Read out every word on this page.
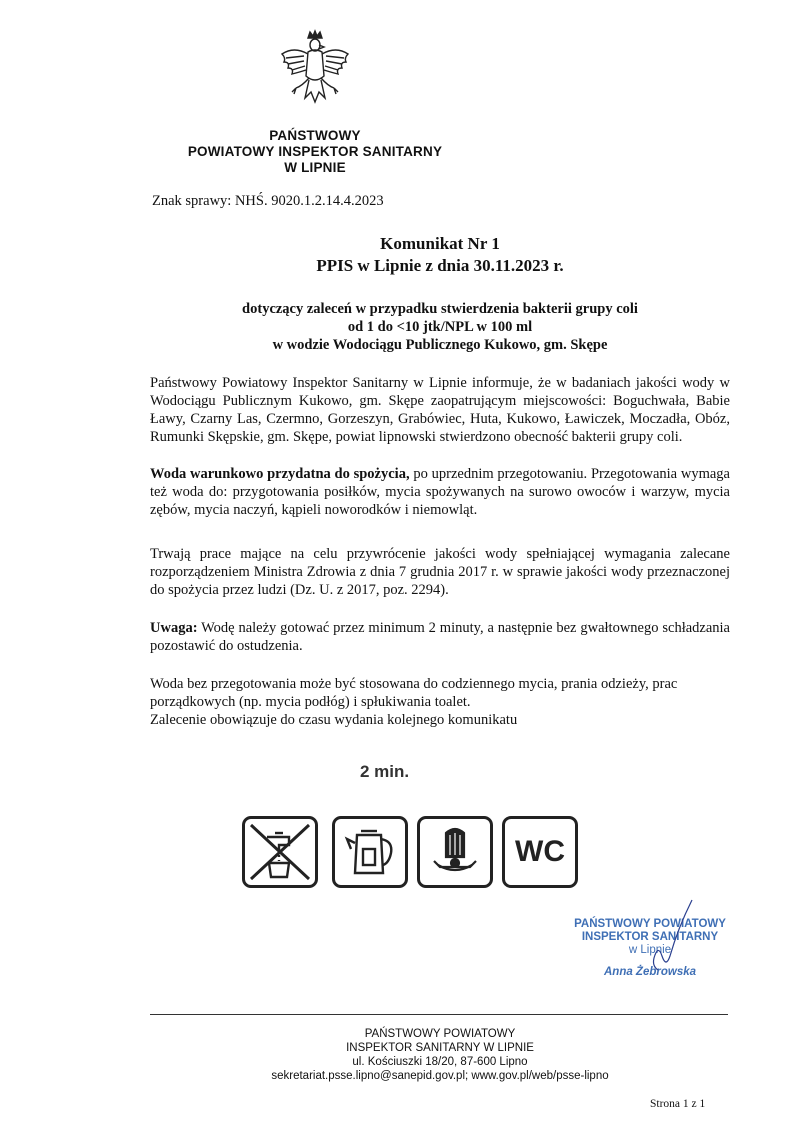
PAŃSTWOWY
POWIATOWY INSPEKTOR SANITARNY
W LIPNIE
Znak sprawy: NHŚ. 9020.1.2.14.4.2023
Komunikat Nr 1
PPIS w Lipnie z dnia 30.11.2023 r.
dotyczący zaleceń w przypadku stwierdzenia bakterii grupy coli
od 1 do <10 jtk/NPL w 100 ml
w wodzie Wodociągu Publicznego Kukowo, gm. Skępe

Państwowy Powiatowy Inspektor Sanitarny w Lipnie informuje, że w badaniach jakości wody w Wodociągu Publicznym Kukowo, gm. Skępe zaopatrującym miejscowości: Boguchwała, Babie Ławy, Czarny Las, Czermno, Gorzeszyn, Grabówiec, Huta, Kukowo, Ławiczek, Moczadła, Obóz, Rumunki Skępskie, gm. Skępe, powiat lipnowski stwierdzono obecność bakterii grupy coli.

Woda warunkowo przydatna do spożycia, po uprzednim przegotowaniu. Przegotowania wymaga też woda do: przygotowania posiłków, mycia spożywanych na surowo owoców i warzyw, mycia zębów, mycia naczyń, kąpieli noworodków i niemowląt.

Trwają prace mające na celu przywrócenie jakości wody spełniającej wymagania zalecane rozporządzeniem Ministra Zdrowia z dnia 7 grudnia 2017 r. w sprawie jakości wody przeznaczonej do spożycia przez ludzi (Dz. U. z 2017, poz. 2294).

Uwaga: Wodę należy gotować przez minimum 2 minuty, a następnie bez gwałtownego schładzania pozostawić do ostudzenia.

Woda bez przegotowania może być stosowana do codziennego mycia, prania odzieży, prac porządkowych (np. mycia podłóg) i spłukiwania toalet.

Zalecenie obowiązuje do czasu wydania kolejnego komunikatu

2 min.
WC
PAŃSTWOWY POWIATOWY
INSPEKTOR SANITARNY
w Lipnie
Anna Żebrowska
PAŃSTWOWY POWIATOWY
INSPEKTOR SANITARNY W LIPNIE
ul. Kościuszki 18/20, 87-600 Lipno
sekretariat.psse.lipno@sanepid.gov.pl; www.gov.pl/web/psse-lipno
Strona 1 z 1
